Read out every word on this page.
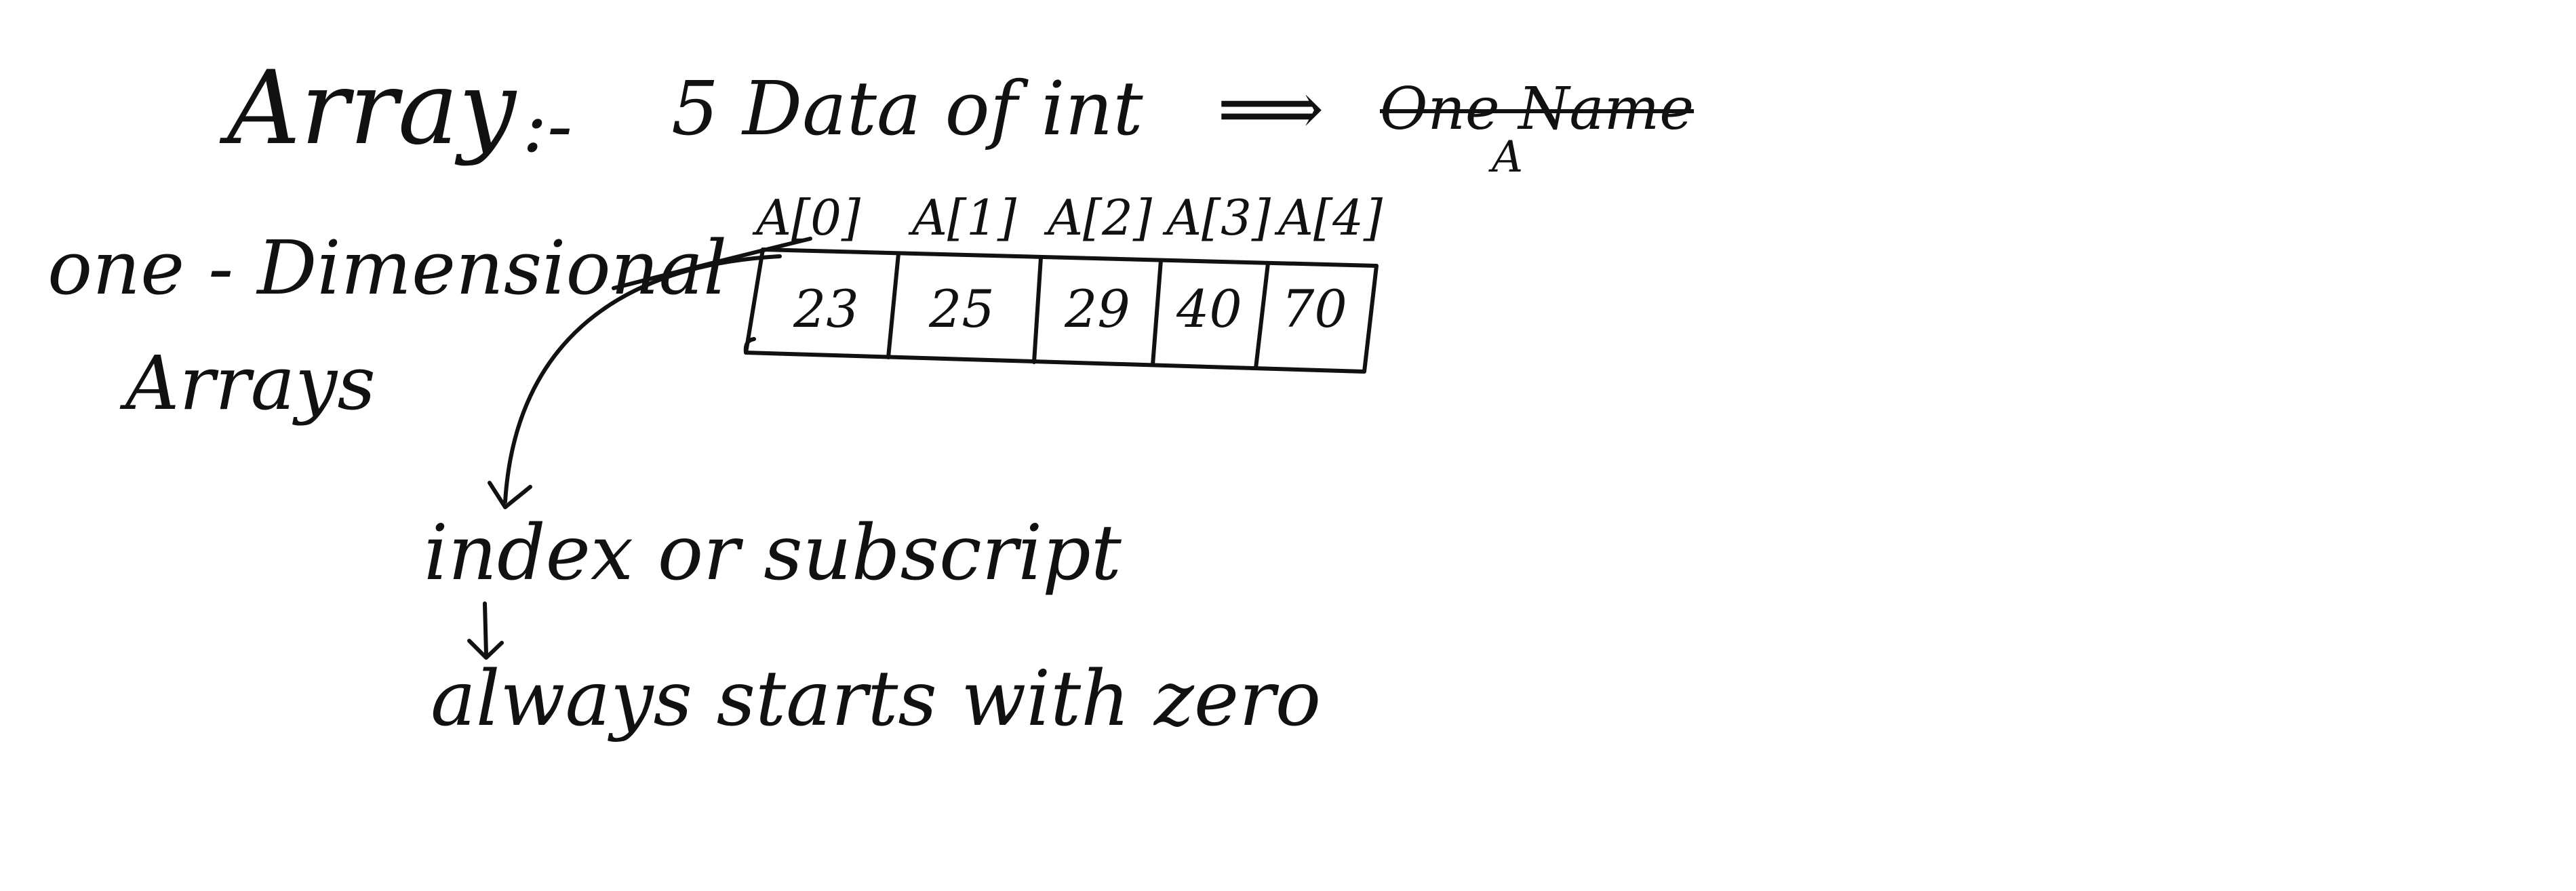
Array :- 5 Data of int ⟹ One Name
A
one - Dimensional
Arrays
A[0] A[1] A[2] A[3] A[4]
23 25 29 40 70
index or subscript
always starts with zero
